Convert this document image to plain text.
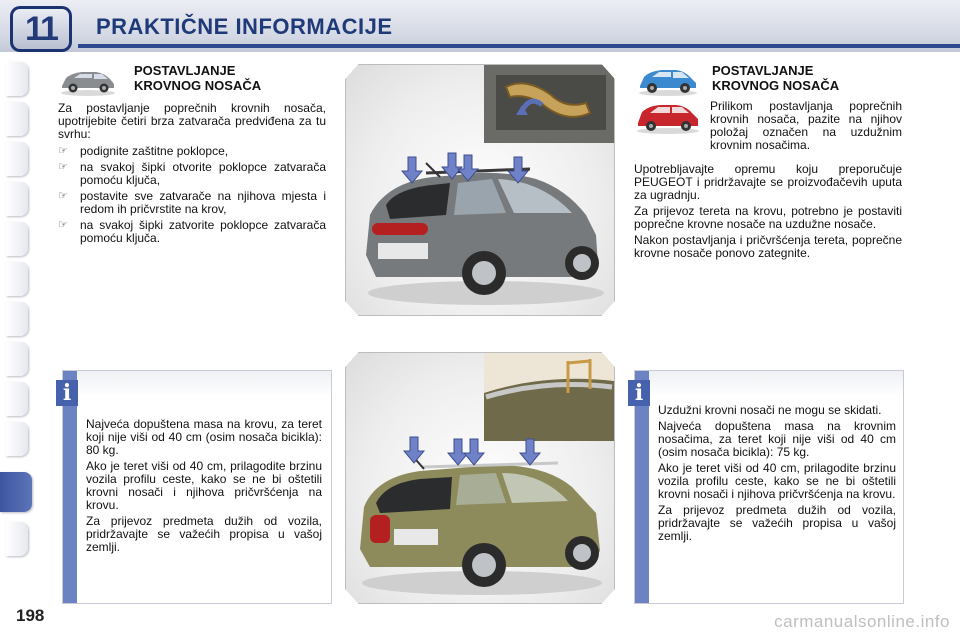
11	PRAKTIČNE INFORMACIJE
198
POSTAVLJANJE
KROVNOG NOSAČA

Za postavljanje poprečnih krovnih nosača, upotrijebite četiri brza zatvarača predviđena za tu svrhu:

☞ podignite zaštitne poklopce,
☞ na svakoj šipki otvorite poklopce zatvarača pomoću ključa,
☞ postavite sve zatvarače na njihova mjesta i redom ih pričvrstite na krov,
☞ na svakoj šipki zatvorite poklopce zatvarača pomoću ključa.
POSTAVLJANJE
KROVNOG NOSAČA

Prilikom postavljanja poprečnih krovnih nosača, pazite na njihov položaj označen na uzdužnim krovnim nosačima.

Upotrebljavajte opremu koju preporučuje PEUGEOT i pridržavajte se proizvođačevih uputa za ugradnju.

Za prijevoz tereta na krovu, potrebno je postaviti poprečne krovne nosače na uzdužne nosače.

Nakon postavljanja i pričvršćenja tereta, poprečne krovne nosače ponovo zategnite.

i

Najveća dopuštena masa na krovu, za teret koji nije viši od 40 cm (osim nosača bicikla): 80 kg.

Ako je teret viši od 40 cm, prilagodite brzinu vozila profilu ceste, kako se ne bi oštetili krovni nosači i njihova pričvršćenja na krovu.

Za prijevoz predmeta dužih od vozila, pridržavajte se važećih propisa u vašoj zemlji.

i

Uzdužni krovni nosači ne mogu se skidati.

Najveća dopuštena masa na krovnim nosačima, za teret koji nije viši od 40 cm (osim nosača bicikla): 75 kg.

Ako je teret viši od 40 cm, prilagodite brzinu vozila profilu ceste, kako se ne bi oštetili krovni nosači i njihova pričvršćenja na krovu.

Za prijevoz predmeta dužih od vozila, pridržavajte se važećih propisa u vašoj zemlji.

carmanualsonline.info
